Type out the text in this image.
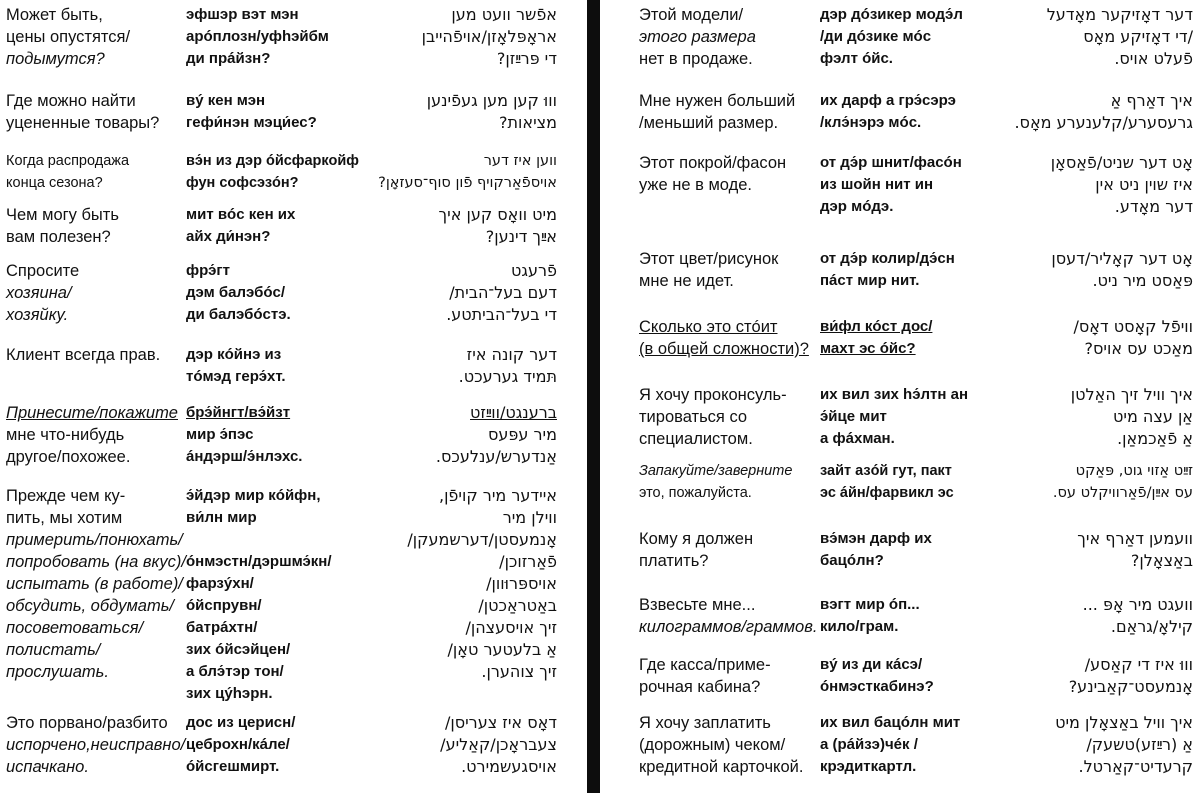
Может быть,
цены опустятся/
подымутся?
эфшэр вэт мэн
арóплозн/уфhэйбм
ди прáйзн?
אפֿשר וועט מען
אראָפּלאָזן/אויפֿהייבן
די פּרײַזן?
Где можно найти
уцененные товары?
вý кен мэн
гефи́нэн мэци́ес?
וווּ קען מען געפֿינען
מציאות?
Когда распродажа
конца сезона?
вэ́н из дэр óйсфаркойф
фун софсэзóн?
ווען איז דער
אויספֿאַרקויף פֿון סוף־סעזאָן?
Чем могу быть
вам полезен?
мит вóс кен их
айх ди́нэн?
מיט וואָס קען איך
אײַך דינען?
Спросите
хозяина/
хозяйку.
фрэ́гт
дэм балэбóс/
ди балэбóстэ.
פֿרעגט
דעם בעל־הבית/
די בעל־הביתטע.
Клиент всегда прав.	дэр кóйнэ из
тóмэд герэ́хт.
דער קונה איז
תּמיד גערעכט.
Принесите/покажите
мне что-нибудь
другое/похожее.
брэ́йнгт/вэ́йзт
мир э́пэс
áндэрш/э́нлэхс.
ברענגט/ווײַזט
מיר עפּעס
אַנדערש/ענלעכס.
Прежде чем ку-
пить, мы хотим
примерить/понюхать/
попробовать (на вкус)/
испытать (в работе)/
обсудить, обдумать/
посоветоваться/
полистать/
прослушать.
э́йдэр мир кóйфн,
ви́лн мир

óнмэстн/дэршмэ́кн/
фарзýхн/
óйспрувн/
батрáхтн/
зих óйсэйцен/
а блэ́тэр тон/
зих цýhэрн.
איידער מיר קויפֿן,
ווילן מיר
אָנמעסטן/דערשמעקן/
פֿאַרזוכן/
אויספּרוּוון/
באַטראַכטן/
זיך אויסעצהן/
אַ בלעטער טאָן/
זיך צוהערן.
Это порвано/разбито
испорчено,неисправно/
испачкано.
дос из церисн/
цеброхн/кáле/
óйсгешмирт.
דאָס איז צעריסן/
צעבראָכן/קאַליע/
אויסגעשמירט.
Этой модели/
этого размера
нет в продаже.
дэр дóзикер модэ́л
/ди дóзике мóс
фэлт óйс.
דער דאָזיקער מאָדעל
/די דאָזיקע מאָס
פֿעלט אויס.
Мне нужен больший
/меньший размер.
их дарф а грэ́сэрэ
/клэ́нэрэ мóс.
איך דאַרף אַ
גרעסערע/קלענערע מאָס.
Этот покрой/фасон
уже не в моде.
от дэ́р шнит/фасóн
из шойн нит ин
дэр мóдэ.
אָט דער שניט/פֿאַסאָן
איז שוין ניט אין
דער מאָדע.
Этот цвет/рисунок
мне не идет.
от дэ́р колир/дэ́сн
пáст мир нит.
אָט דער קאָליר/דעסן
פּאַסט מיר ניט.
Сколько это стóит
(в общей сложности)?
ви́фл кóст дос/
махт эс óйс?
וויפֿל קאָסט דאָס/
מאַכט עס אויס?
Я хочу проконсуль-
тироваться со
специалистом.
их вил зих hэ́лтн ан
э́йце мит
а фáхман.
איך וויל זיך האַלטן
אַן עצה מיט
אַ פֿאַכמאַן.
Запакуйте/заверните
это, пожалуйста.
зайт азóй гут, пакт
эс áйн/фарвикл эс
זײַט אַזוי גוט, פּאַקט
עס אײַן/פֿאַרוויקלט עס.
Кому я должен
платить?
вэ́мэн дарф их
бацóлн?
וועמען דאַרף איך
באַצאָלן?
Взвесьте мне...
килограммов/граммов.
вэгт мир óп...
кило/грам.
וועגט מיר אָפּ ...
קילאָ/גראַם.
Где касса/приме-
рочная кабина?
вý из ди кáсэ/
óнмэсткабинэ?
וווּ איז די קאַסע/
אָנמעסט־קאַבינע?
Я хочу заплатить
(дорожным) чеком/
кредитной карточкой.
их вил бацóлн мит
а (рáйзэ)чéк /
крэдиткартл.
איך וויל באַצאָלן מיט
אַ (רײַזע)טשעק/
קרעדיט־קאַרטל.
